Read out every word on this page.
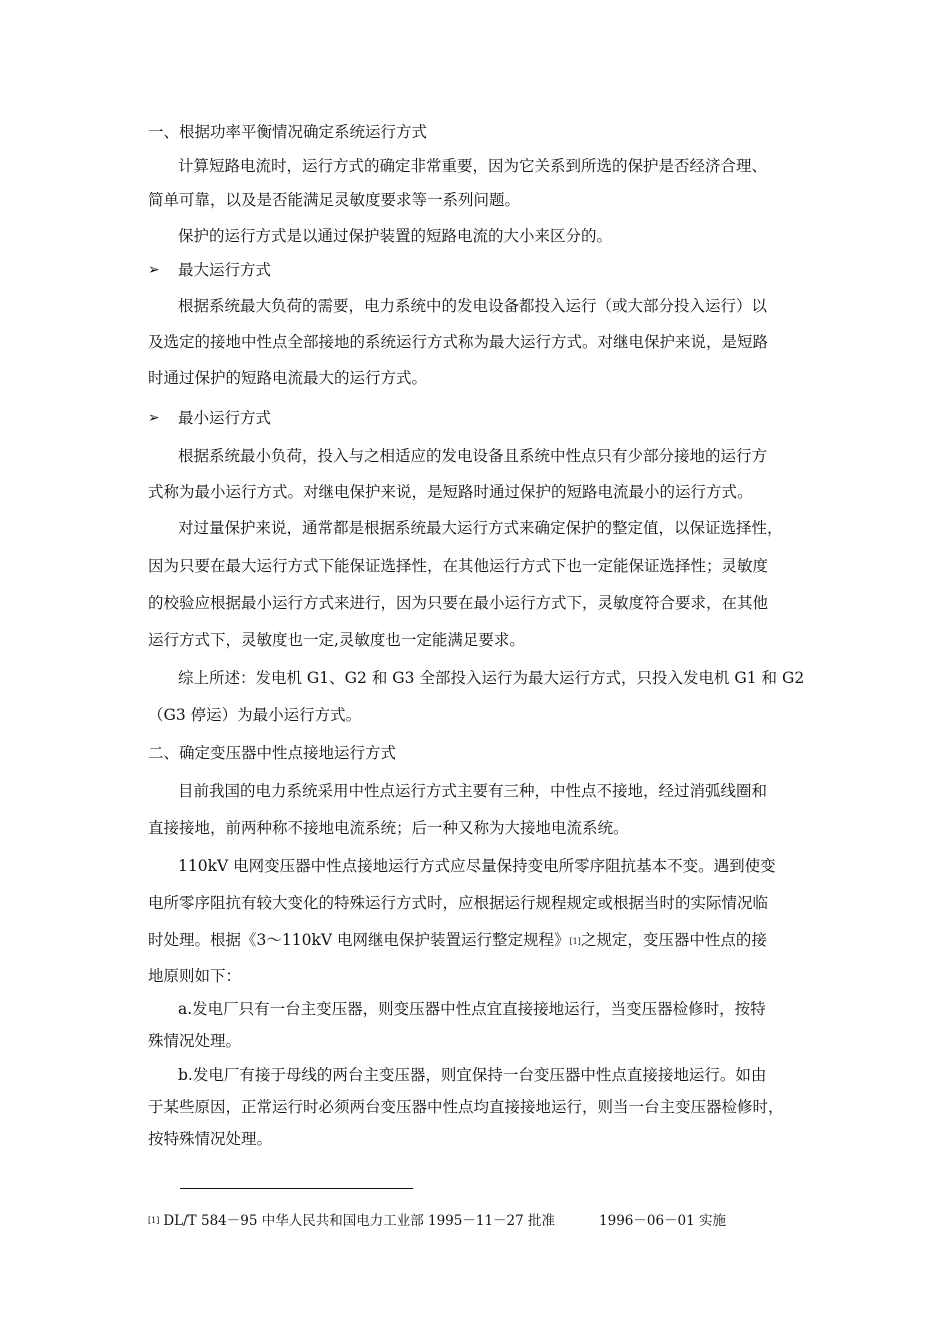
一、根据功率平衡情况确定系统运行方式
计算短路电流时，运行方式的确定非常重要，因为它关系到所选的保护是否经济合理、
简单可靠，以及是否能满足灵敏度要求等一系列问题。
保护的运行方式是以通过保护装置的短路电流的大小来区分的。
➢ 最大运行方式
根据系统最大负荷的需要，电力系统中的发电设备都投入运行（或大部分投入运行）以
及选定的接地中性点全部接地的系统运行方式称为最大运行方式。对继电保护来说，是短路
时通过保护的短路电流最大的运行方式。
➢ 最小运行方式
根据系统最小负荷，投入与之相适应的发电设备且系统中性点只有少部分接地的运行方
式称为最小运行方式。对继电保护来说，是短路时通过保护的短路电流最小的运行方式。
对过量保护来说，通常都是根据系统最大运行方式来确定保护的整定值，以保证选择性，
因为只要在最大运行方式下能保证选择性，在其他运行方式下也一定能保证选择性；灵敏度
的校验应根据最小运行方式来进行，因为只要在最小运行方式下，灵敏度符合要求，在其他
运行方式下，灵敏度也一定,灵敏度也一定能满足要求。
综上所述：发电机 G1、G2 和 G3 全部投入运行为最大运行方式，只投入发电机 G1 和 G2
（G3 停运）为最小运行方式。
二、确定变压器中性点接地运行方式
目前我国的电力系统采用中性点运行方式主要有三种，中性点不接地，经过消弧线圈和
直接接地，前两种称不接地电流系统；后一种又称为大接地电流系统。
110kV 电网变压器中性点接地运行方式应尽量保持变电所零序阻抗基本不变。遇到使变
电所零序阻抗有较大变化的特殊运行方式时，应根据运行规程规定或根据当时的实际情况临
时处理。根据《3～110kV 电网继电保护装置运行整定规程》[1]之规定，变压器中性点的接
地原则如下：
a.发电厂只有一台主变压器，则变压器中性点宜直接接地运行，当变压器检修时，按特
殊情况处理。
b.发电厂有接于母线的两台主变压器，则宜保持一台变压器中性点直接接地运行。如由
于某些原因，正常运行时必须两台变压器中性点均直接接地运行，则当一台主变压器检修时，
按特殊情况处理。
[1] DL/T 584－95 中华人民共和国电力工业部 1995－11－27 批准	1996－06－01 实施
